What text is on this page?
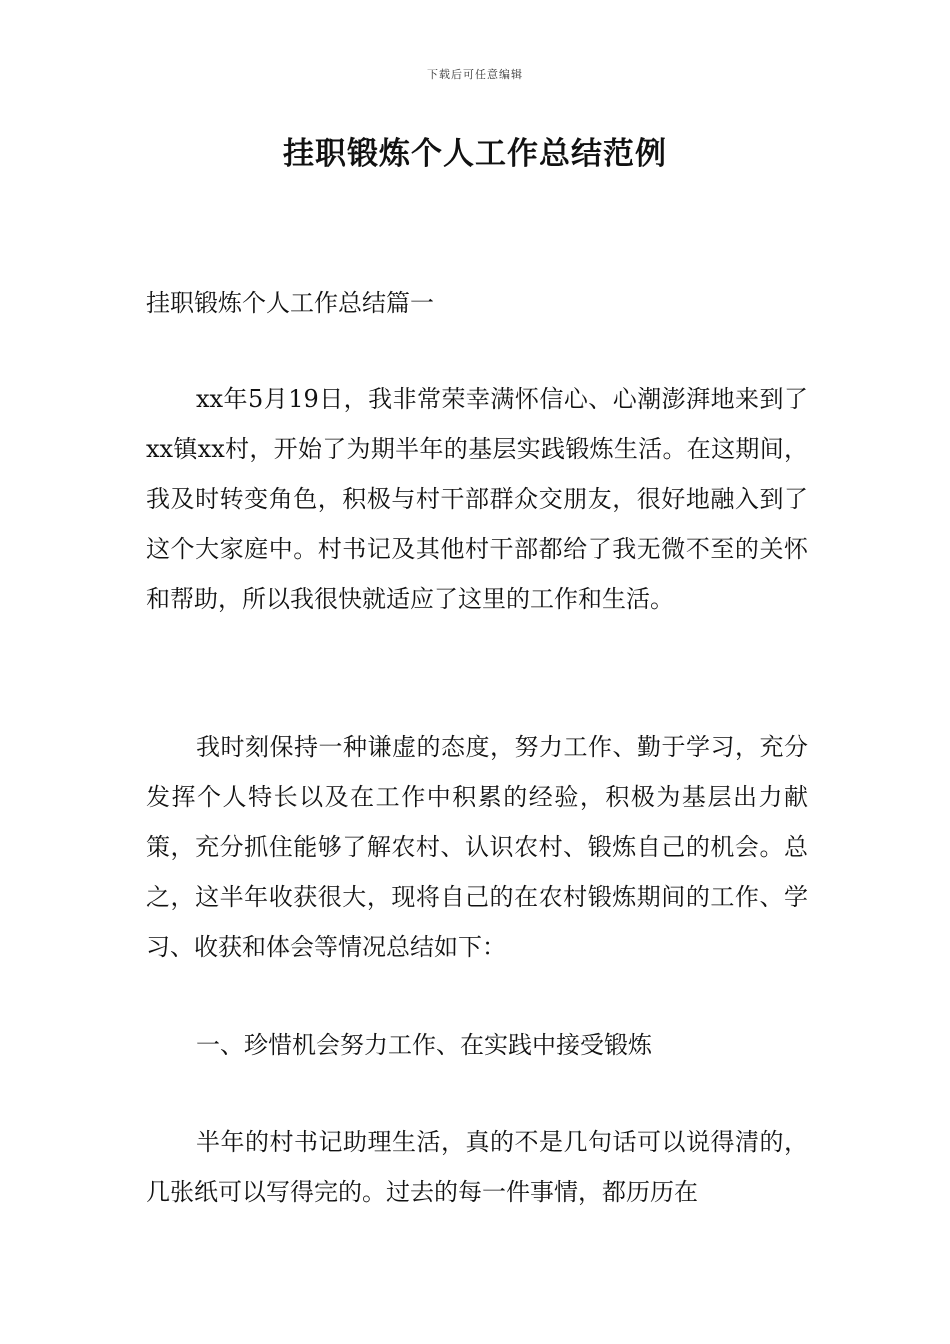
下载后可任意编辑
挂职锻炼个人工作总结范例

挂职锻炼个人工作总结篇一

xx年5月19日，我非常荣幸满怀信心、心潮澎湃地来到了xx镇xx村，开始了为期半年的基层实践锻炼生活。在这期间，我及时转变角色，积极与村干部群众交朋友，很好地融入到了这个大家庭中。村书记及其他村干部都给了我无微不至的关怀和帮助，所以我很快就适应了这里的工作和生活。

我时刻保持一种谦虚的态度，努力工作、勤于学习，充分发挥个人特长以及在工作中积累的经验，积极为基层出力献策，充分抓住能够了解农村、认识农村、锻炼自己的机会。总之，这半年收获很大，现将自己的在农村锻炼期间的工作、学习、收获和体会等情况总结如下：

一、珍惜机会努力工作、在实践中接受锻炼

半年的村书记助理生活，真的不是几句话可以说得清的，几张纸可以写得完的。过去的每一件事情，都历历在
